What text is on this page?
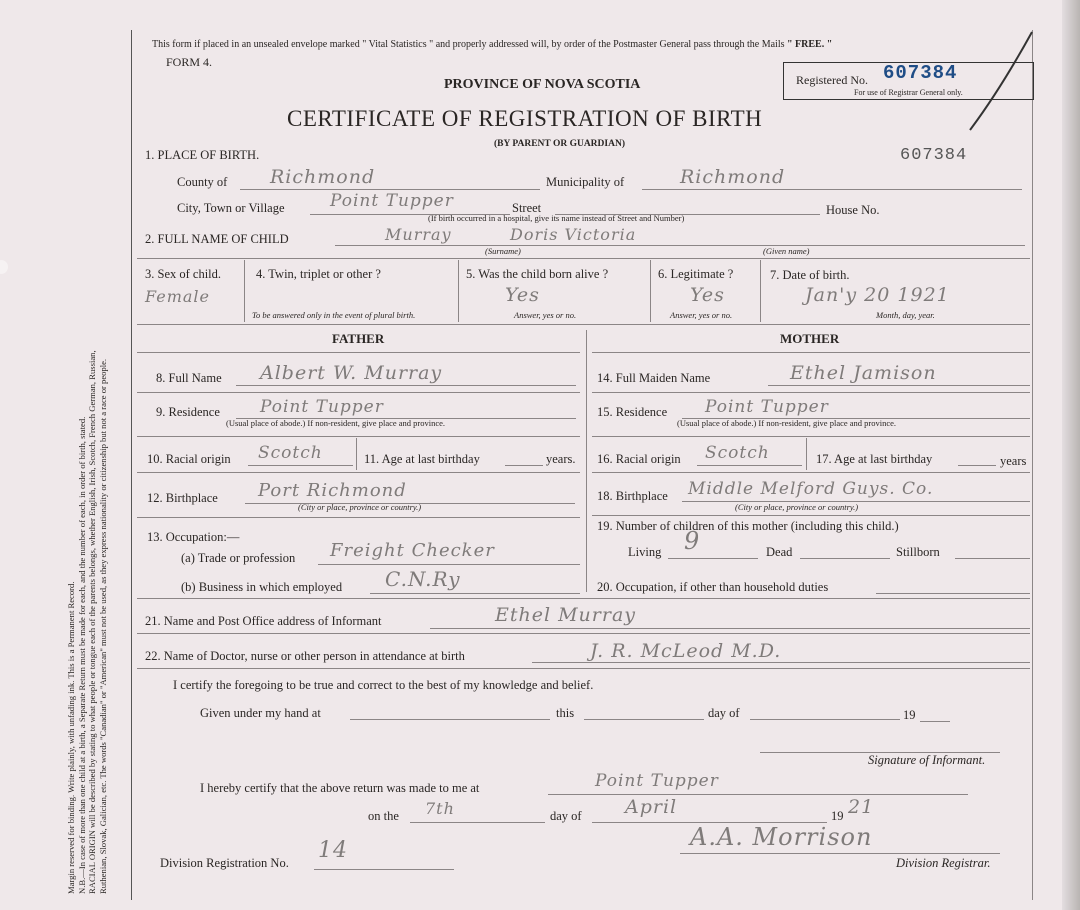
Margin reserved for binding. Write plainly, with unfading ink. This is a Permanent Record. N.B.—In case of more than one child at a birth, a Separate Return must be made for each, and the number of each, in order of birth, stated. RACIAL ORIGIN will be described by stating to what people or tongue each of the parents belongs, whether English, Irish, Scotch, French German, Russian, Ruthenian, Slovak, Galician, etc. The words "Canadian" or "American" must not be used, as they express nationality or citizenship but not a race or people.
This form if placed in an unsealed envelope marked " Vital Statistics " and properly addressed will, by order of the Postmaster General pass through the Mails " FREE. "
FORM 4.
PROVINCE OF NOVA SCOTIA
CERTIFICATE OF REGISTRATION OF BIRTH
(BY PARENT OR GUARDIAN)
Registered No.
For use of Registrar General only.
607384
607384
1. PLACE OF BIRTH.
County of Richmond	Municipality of	Richmond
City, Town or Village	Point Tupper	Street	House No.
(If birth occurred in a hospital, give its name instead of Street and Number)
2. FULL NAME OF CHILD	Murray	Doris Victoria
(Surname)	(Given name)
3. Sex of child.
Female
4. Twin, triplet or other ?
To be answered only in the event of plural birth.
5. Was the child born alive ?
Yes
Answer, yes or no.
6. Legitimate ?
Yes
Answer, yes or no.
7. Date of birth.
Jan'y 20 1921
Month, day, year.
FATHER	MOTHER
8. Full Name Albert W. Murray
9. Residence Point Tupper
(Usual place of abode.) If non-resident, give place and province.
10. Racial origin Scotch	11. Age at last birthday	years.
12. Birthplace Port Richmond
(City or place, province or country.)
13. Occupation:—
(a) Trade or profession Freight Checker
(b) Business in which employed C.N.Ry
14. Full Maiden Name	Ethel Jamison
15. Residence Point Tupper
(Usual place of abode.) If non-resident, give place and province.
16. Racial origin Scotch	17. Age at last birthday	years
18. Birthplace Middle Melford Guys. Co.
(City or place, province or country.)
19. Number of children of this mother (including this child.)
Living 9	Dead	Stillborn
20. Occupation, if other than household duties
21. Name and Post Office address of Informant	Ethel Murray
22. Name of Doctor, nurse or other person in attendance at birth	J. R. McLeod M.D.
I certify the foregoing to be true and correct to the best of my knowledge and belief.
Given under my hand at	this	day of	19
Signature of Informant.
I hereby certify that the above return was made to me at	Point Tupper
on the 7th	day of April	19 21
Division Registration No. 14	A.A. Morrison
Division Registrar.
